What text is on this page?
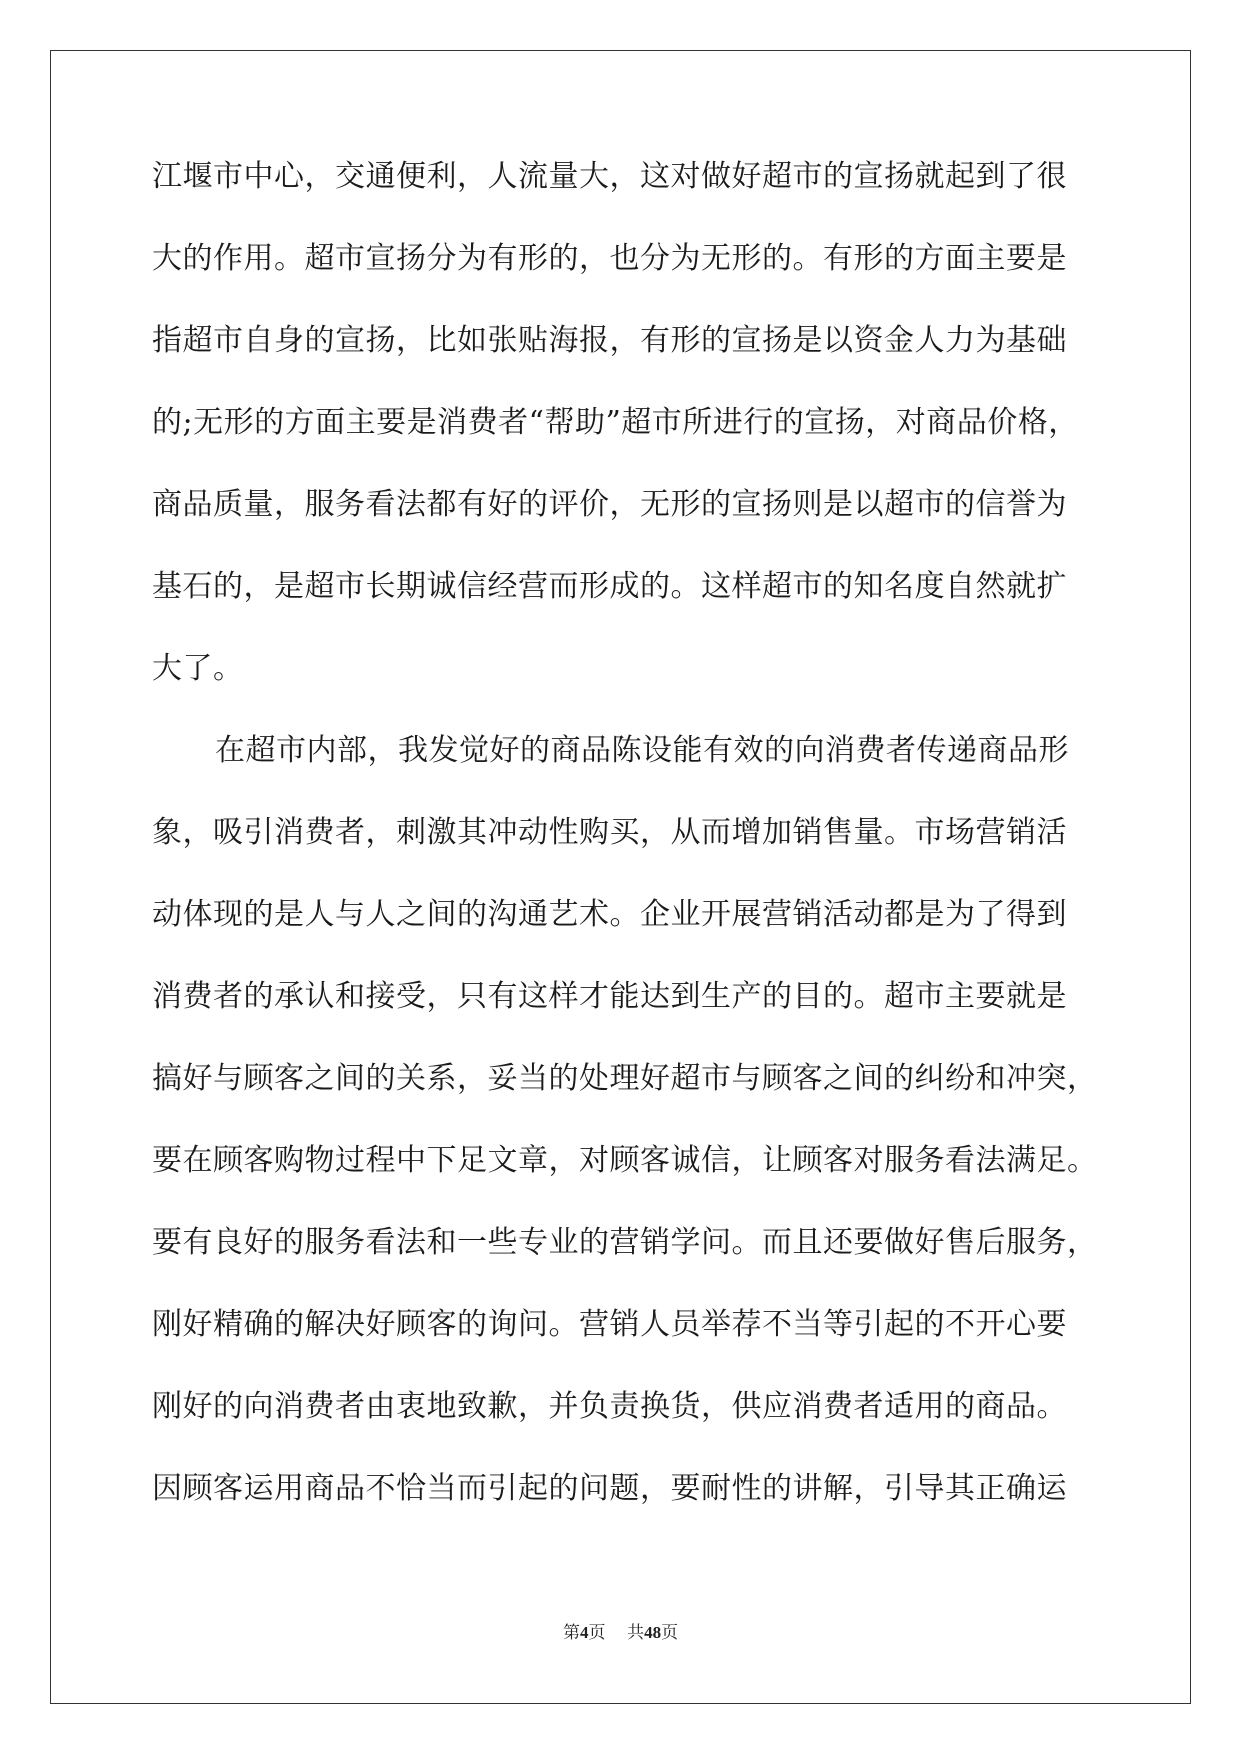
江堰市中心，交通便利，人流量大，这对做好超市的宣扬就起到了很
大的作用。超市宣扬分为有形的，也分为无形的。有形的方面主要是
指超市自身的宣扬，比如张贴海报，有形的宣扬是以资金人力为基础
的;无形的方面主要是消费者“帮助”超市所进行的宣扬，对商品价格，
商品质量，服务看法都有好的评价，无形的宣扬则是以超市的信誉为
基石的，是超市长期诚信经营而形成的。这样超市的知名度自然就扩
大了。
在超市内部，我发觉好的商品陈设能有效的向消费者传递商品形
象，吸引消费者，刺激其冲动性购买，从而增加销售量。市场营销活
动体现的是人与人之间的沟通艺术。企业开展营销活动都是为了得到
消费者的承认和接受，只有这样才能达到生产的目的。超市主要就是
搞好与顾客之间的关系，妥当的处理好超市与顾客之间的纠纷和冲突，
要在顾客购物过程中下足文章，对顾客诚信，让顾客对服务看法满足。
要有良好的服务看法和一些专业的营销学问。而且还要做好售后服务，
刚好精确的解决好顾客的询问。营销人员举荐不当等引起的不开心要
刚好的向消费者由衷地致歉，并负责换货，供应消费者适用的商品。
因顾客运用商品不恰当而引起的问题，要耐性的讲解，引导其正确运
第4页 共48页
